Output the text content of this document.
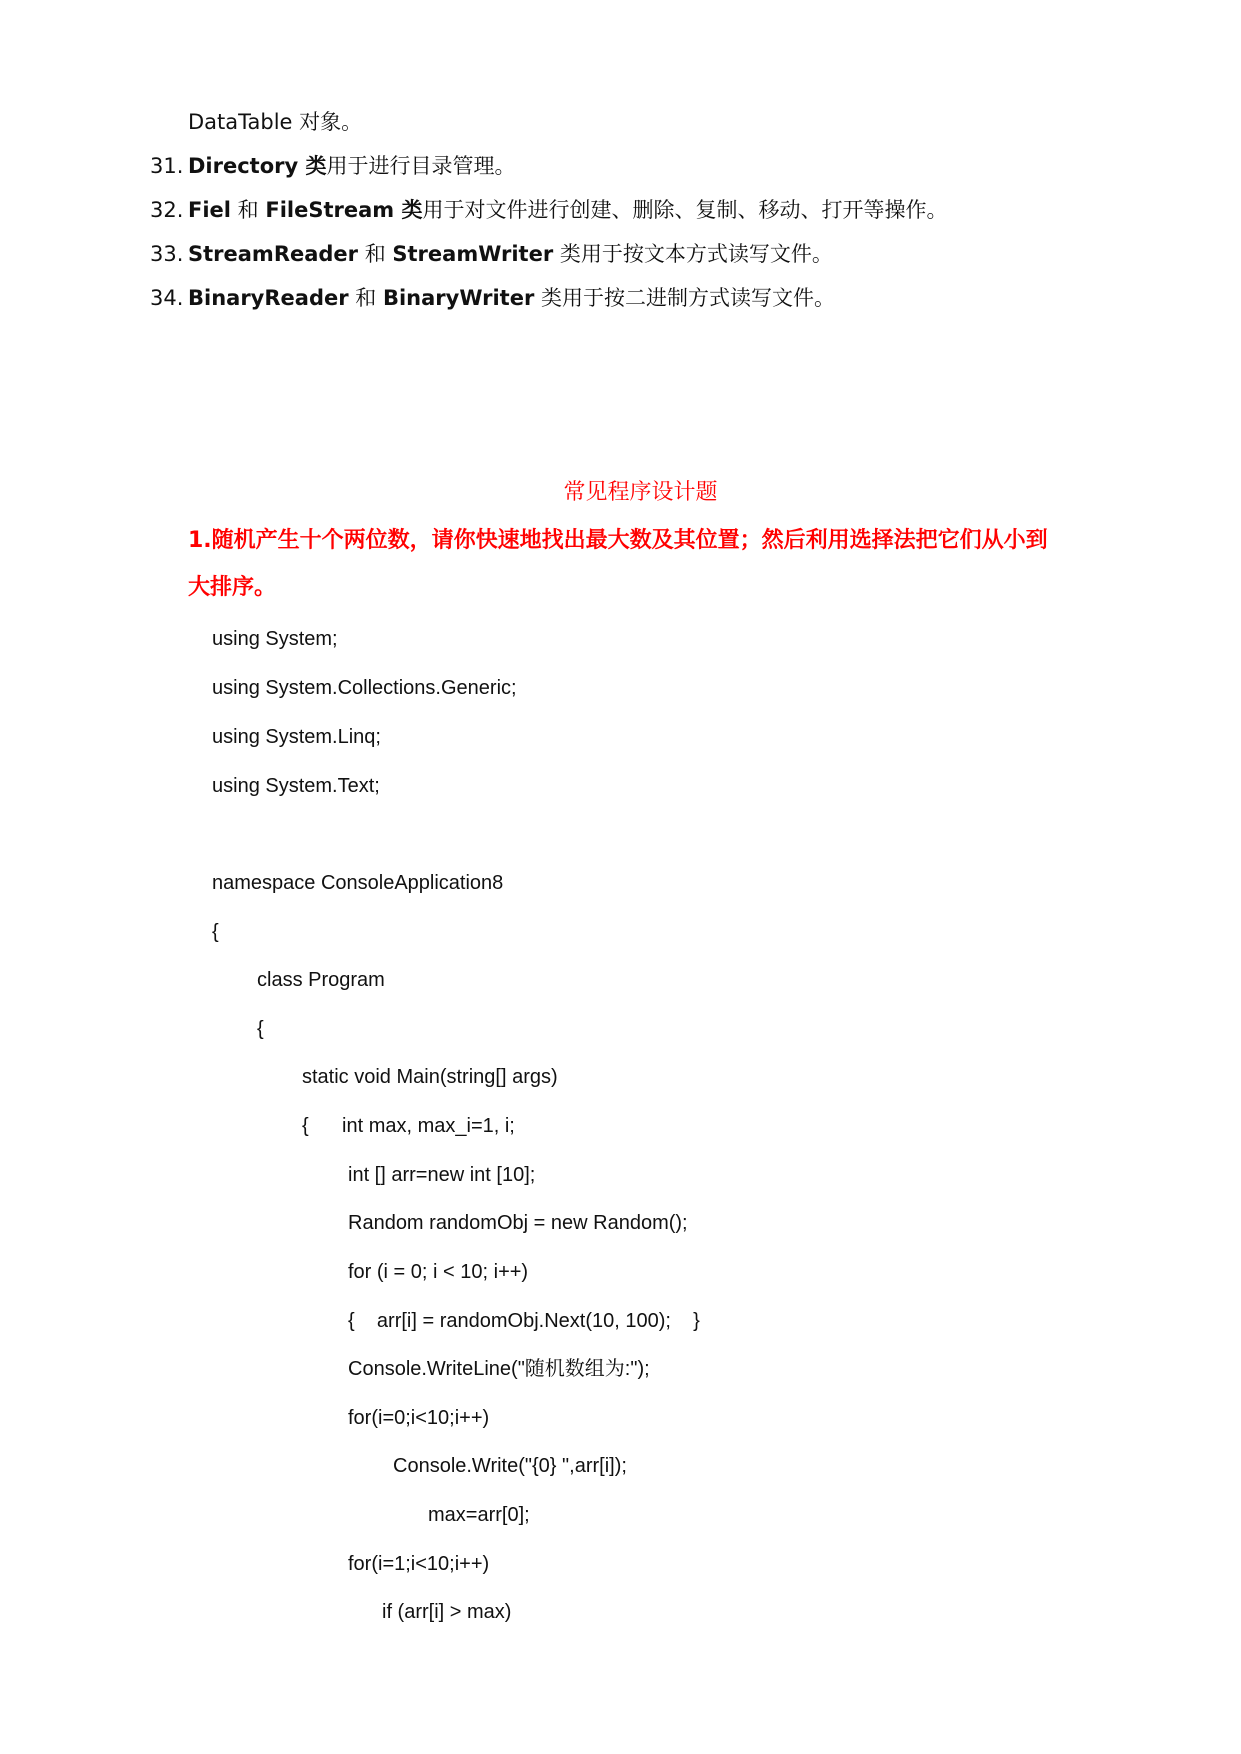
DataTable 对象。
31. Directory 类用于进行目录管理。
32. Fiel 和 FileStream 类用于对文件进行创建、删除、复制、移动、打开等操作。
33. StreamReader 和 StreamWriter 类用于按文本方式读写文件。
34. BinaryReader 和 BinaryWriter 类用于按二进制方式读写文件。
常见程序设计题
1.随机产生十个两位数，请你快速地找出最大数及其位置；然后利用选择法把它们从小到
大排序。
using System;
using System.Collections.Generic;
using System.Linq;
using System.Text;
namespace ConsoleApplication8
{
class Program
{
static void Main(string[] args)
{      int max, max_i=1, i;
int [] arr=new int [10];
Random randomObj = new Random();
for (i = 0; i < 10; i++)
{    arr[i] = randomObj.Next(10, 100);    }
Console.WriteLine("随机数组为:");
for(i=0;i<10;i++)
Console.Write("{0} ",arr[i]);
max=arr[0];
for(i=1;i<10;i++)
if (arr[i] > max)
